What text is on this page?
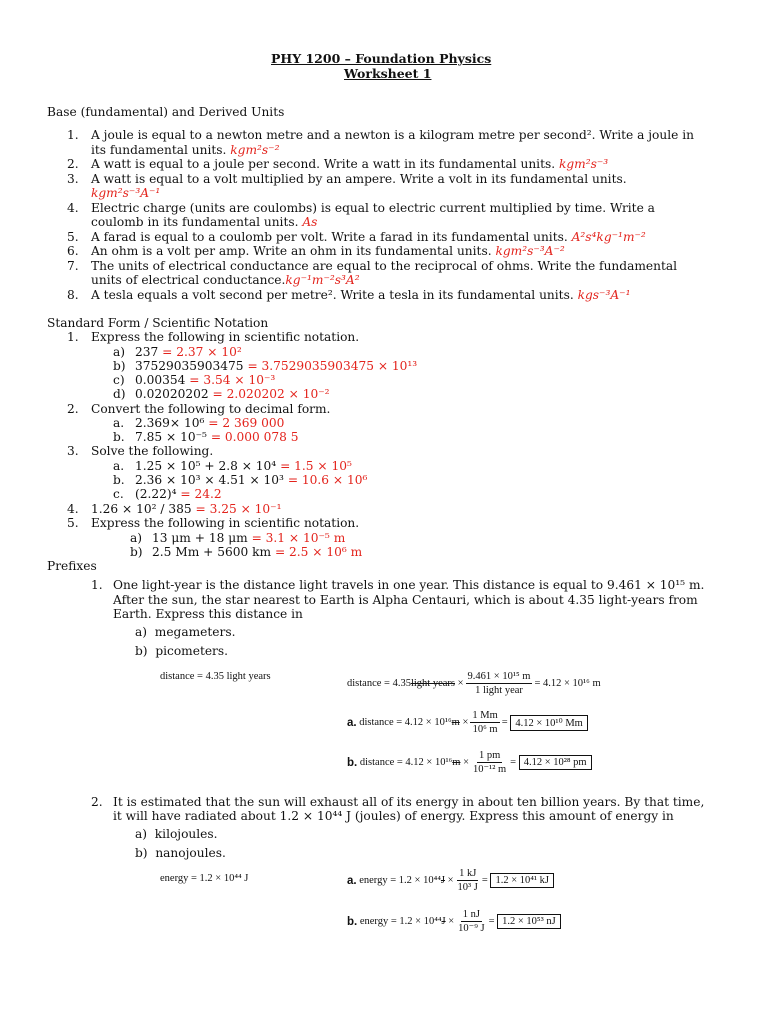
PHY 1200 – Foundation Physics
Worksheet 1
Base (fundamental) and Derived Units
1. A joule is equal to a newton metre and a newton is a kilogram metre per second². Write a joule in
its fundamental units. kgm²s⁻²
2. A watt is equal to a joule per second. Write a watt in its fundamental units. kgm²s⁻³
3. A watt is equal to a volt multiplied by an ampere. Write a volt in its fundamental units.
kgm²s⁻³A⁻¹
4. Electric charge (units are coulombs) is equal to electric current multiplied by time. Write a
coulomb in its fundamental units. As
5. A farad is equal to a coulomb per volt. Write a farad in its fundamental units. A²s⁴kg⁻¹m⁻²
6. An ohm is a volt per amp. Write an ohm in its fundamental units. kgm²s⁻³A⁻²
7. The units of electrical conductance are equal to the reciprocal of ohms. Write the fundamental
units of electrical conductance.kg⁻¹m⁻²s³A²
8. A tesla equals a volt second per metre². Write a tesla in its fundamental units. kgs⁻³A⁻¹
Standard Form / Scientific Notation
1. Express the following in scientific notation.
a) 237 = 2.37 × 10²
b) 37529035903475 = 3.7529035903475 × 10¹³
c) 0.00354 = 3.54 × 10⁻³
d) 0.02020202 = 2.020202 × 10⁻²
2. Convert the following to decimal form.
a. 2.369× 10⁶ = 2 369 000
b. 7.85 × 10⁻⁵ = 0.000 078 5
3. Solve the following.
a. 1.25 × 10⁵ + 2.8 × 10⁴ = 1.5 × 10⁵
b. 2.36 × 10³ × 4.51 × 10³ = 10.6 × 10⁶
c. (2.22)⁴ = 24.2
4. 1.26 × 10² / 385 = 3.25 × 10⁻¹
5. Express the following in scientific notation.
a) 13 μm + 18 μm = 3.1 × 10⁻⁵ m
b) 2.5 Mm + 5600 km = 2.5 × 10⁶ m
Prefixes
1. One light-year is the distance light travels in one year. This distance is equal to 9.461 × 10¹⁵ m.
After the sun, the star nearest to Earth is Alpha Centauri, which is about 4.35 light-years from
Earth. Express this distance in
a) megameters.
b) picometers.
distance = 4.35 light years
distance = 4.35 light years × $\frac{\text{9.461 × 10¹⁵ m}}{\text{1 light year}} = 4.12 \times 10^{16}$ m
a.
distance = 4.12 × 10¹⁶ $m \times \frac{1 Mm}{\text{10⁶ m}} = 4.12 \times 10^{10}$ Mm
b.
distance = 4.12 × 10¹⁶ $m \times \frac{1 pm}{\text{10⁻¹² m}} = 4.12 \times 10^{28}$ pm
2. It is estimated that the sun will exhaust all of its energy in about ten billion years. By that time,
it will have radiated about 1.2 × 10⁴⁴ J (joules) of energy. Express this amount of energy in
a) kilojoules.
b) nanojoules.
energy = 1.2 × 10⁴⁴ J	a.
energy = 1.2 × 10⁴⁴ $J \times \frac{1 kJ}{\text{10³ J}} = 1.2 \times 10^{41}$ kJ
b.
energy = 1.2 × 10⁴⁴ $J \times \frac{1 nJ}{\text{10⁻⁹ J}} = 1.2 \times 10^{53}$ nJ
